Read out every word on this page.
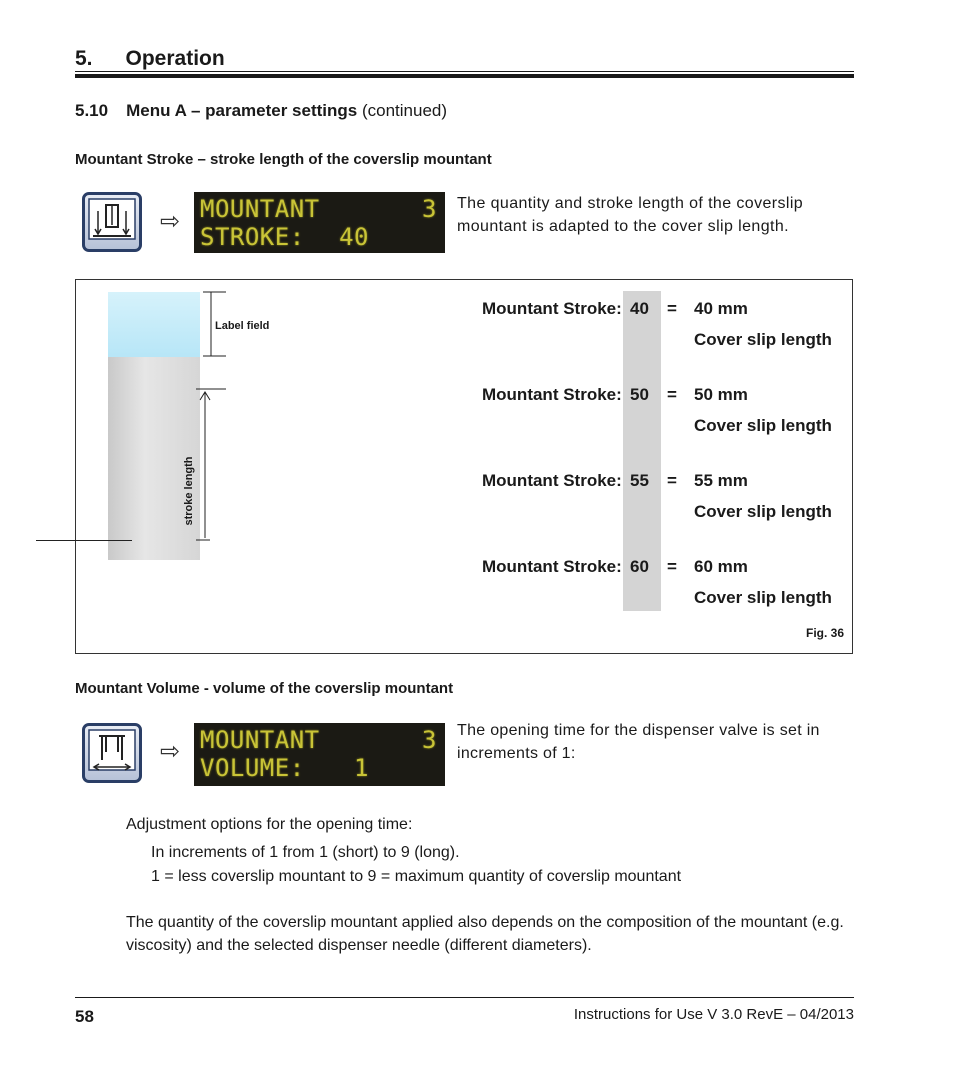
5. Operation
5.10 Menu A – parameter settings (continued)
Mountant Stroke – stroke length of the coverslip mountant
⇨ MOUNTANT	3
STROKE: 40
The quantity and stroke length of the coverslip mountant is adapted to the cover slip length.
Label field
stroke length
Mountant Stroke: 40 = 40 mm
Cover slip length
Mountant Stroke: 50 = 50 mm
Cover slip length
Mountant Stroke: 55 = 55 mm
Cover slip length
Mountant Stroke: 60 = 60 mm
Cover slip length
Fig. 36
Mountant Volume - volume of the coverslip mountant
⇨ MOUNTANT	3
VOLUME: 1
The opening time for the dispenser valve is set in increments of 1:
Adjustment options for the opening time:
In increments of 1 from 1 (short) to 9 (long).
1 = less coverslip mountant to 9 = maximum quantity of coverslip mountant
The quantity of the coverslip mountant applied also depends on the composition of the mountant (e.g. viscosity) and the selected dispenser needle (different diameters).
58	Instructions for Use V 3.0 RevE – 04/2013
